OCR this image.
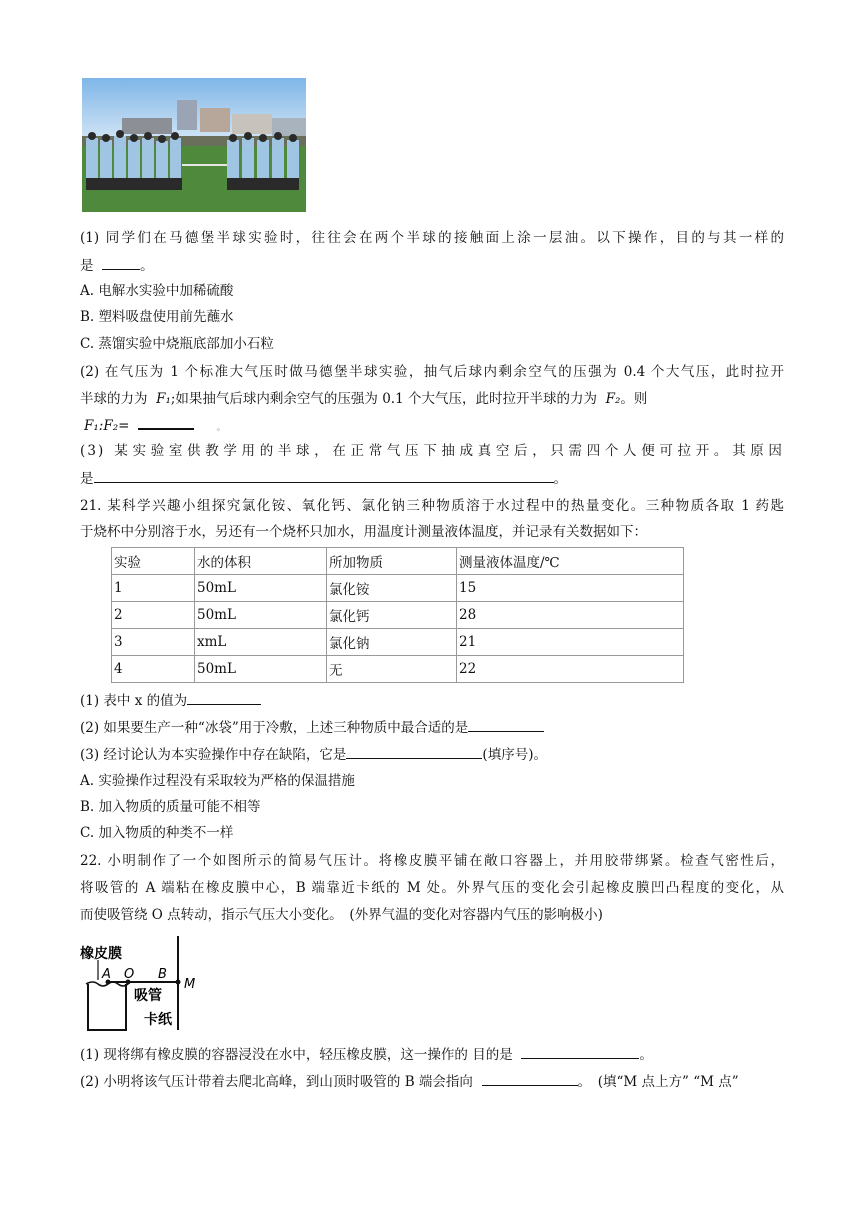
(1) 同学们在马德堡半球实验时，往往会在两个半球的接触面上涂一层油。以下操作，目的与其一样的
是	。
A. 电解水实验中加稀硫酸
B. 塑料吸盘使用前先蘸水
C. 蒸馏实验中烧瓶底部加小石粒
(2) 在气压为 1 个标准大气压时做马德堡半球实验，抽气后球内剩余空气的压强为 0.4 个大气压，此时拉开
半球的力为 F₁;如果抽气后球内剩余空气的压强为 0.1 个大气压，此时拉开半球的力为 F₂。则
F₁:F₂=	。
(3) 某实验室供教学用的半球，在正常气压下抽成真空后，只需四个人便可拉开。其原因
是	。
21. 某科学兴趣小组探究氯化铵、氧化钙、氯化钠三种物质溶于水过程中的热量变化。三种物质各取 1 药匙
于烧杯中分别溶于水，另还有一个烧杯只加水，用温度计测量液体温度，并记录有关数据如下：
实验	水的体积	所加物质	测量液体温度/℃
1	50mL	氯化铵	15
2	50mL	氯化钙	28
3	xmL	氯化钠	21
4	50mL	无	22
(1) 表中 x 的值为
(2) 如果要生产一种“冰袋”用于冷敷，上述三种物质中最合适的是
(3) 经讨论认为本实验操作中存在缺陷，它是	(填序号)。
A. 实验操作过程没有采取较为严格的保温措施
B. 加入物质的质量可能不相等
C. 加入物质的种类不一样
22. 小明制作了一个如图所示的简易气压计。将橡皮膜平铺在敞口容器上，并用胶带绑紧。检查气密性后，
将吸管的 A 端粘在橡皮膜中心，B 端靠近卡纸的 M 处。外界气压的变化会引起橡皮膜凹凸程度的变化，从
而使吸管绕 O 点转动，指示气压大小变化。　(外界气温的变化对容器内气压的影响极小)
橡皮膜
A O B
M
吸管
卡纸
(1) 现将绑有橡皮膜的容器浸没在水中，轻压橡皮膜，这一操作的 目的是	。
(2) 小明将该气压计带着去爬北高峰，到山顶时吸管的 B 端会指向	。　(填“M 点上方” “M 点”
